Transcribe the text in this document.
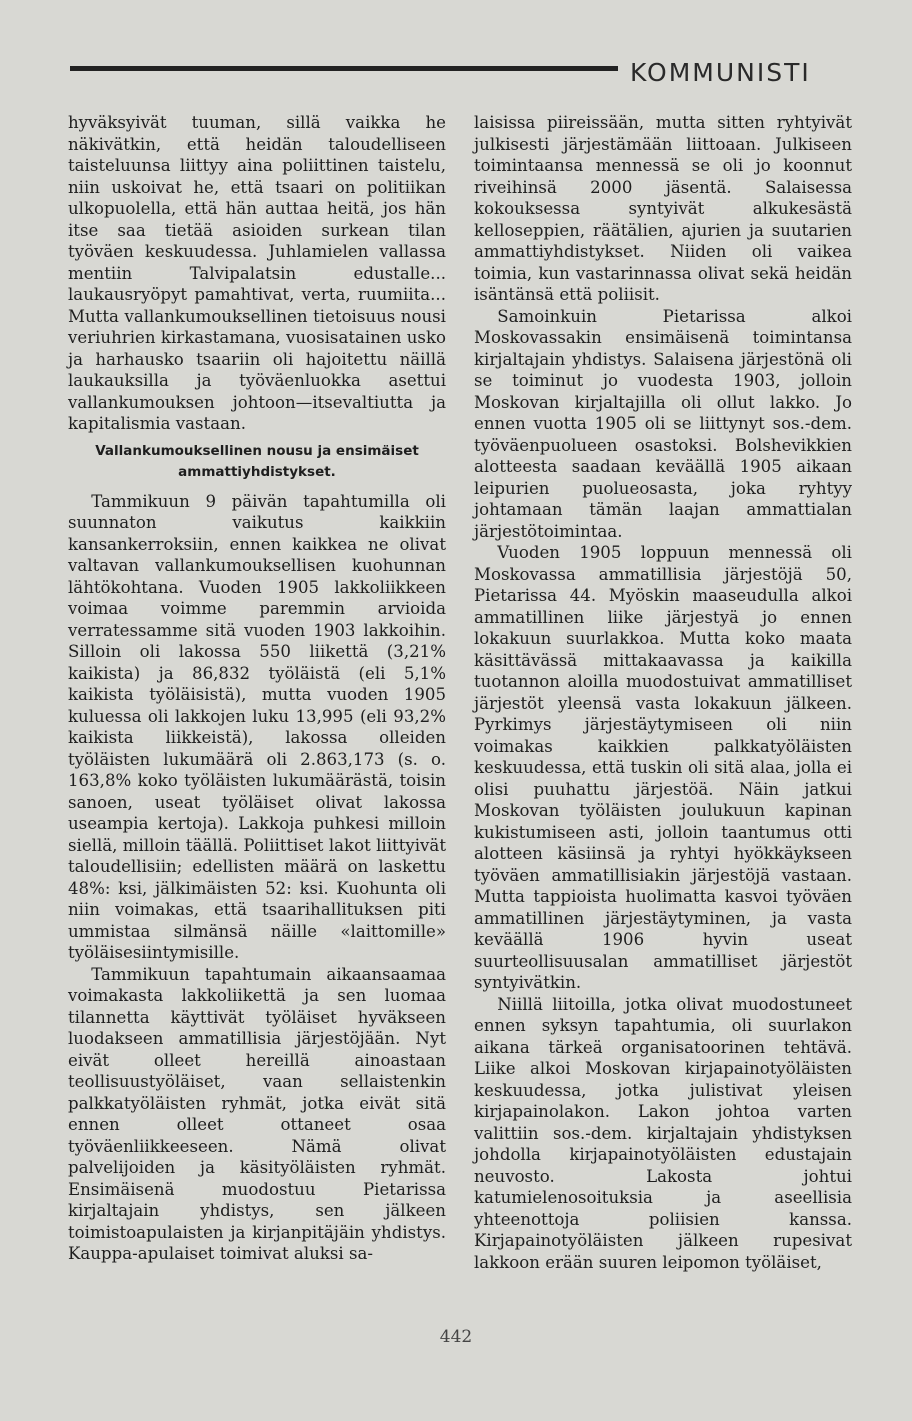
KOMMUNISTI

hyväksyivät tuuman, sillä vaikka he näkivätkin, että heidän taloudelliseen taisteluunsa liittyy aina poliittinen taistelu, niin uskoivat he, että tsaari on politiikan ulkopuolella, että hän auttaa heitä, jos hän itse saa tietää asioiden surkean tilan työväen keskuudessa. Juhlamielen vallassa mentiin Talvipalatsin edustalle... laukausryöpyt pamahtivat, verta, ruumiita... Mutta vallankumouksellinen tietoisuus nousi veriuhrien kirkastamana, vuosisatainen usko ja harhausko tsaariin oli hajoitettu näillä laukauksilla ja työväenluokka asettui vallankumouksen johtoon—itsevaltiutta ja kapitalismia vastaan.

Vallankumouksellinen nousu ja ensimäiset ammattiyhdistykset.

Tammikuun 9 päivän tapahtumilla oli suunnaton vaikutus kaikkiin kansankerroksiin, ennen kaikkea ne olivat valtavan vallankumouksellisen kuohunnan lähtökohtana. Vuoden 1905 lakkoliikkeen voimaa voimme paremmin arvioida verratessamme sitä vuoden 1903 lakkoihin. Silloin oli lakossa 550 liikettä (3,21% kaikista) ja 86,832 työläistä (eli 5,1% kaikista työläisistä), mutta vuoden 1905 kuluessa oli lakkojen luku 13,995 (eli 93,2% kaikista liikkeistä), lakossa olleiden työläisten lukumäärä oli 2.863,173 (s. o. 163,8% koko työläisten lukumäärästä, toisin sanoen, useat työläiset olivat lakossa useampia kertoja). Lakkoja puhkesi milloin siellä, milloin täällä. Poliittiset lakot liittyivät taloudellisiin; edellisten määrä on laskettu 48%: ksi, jälkimäisten 52: ksi. Kuohunta oli niin voimakas, että tsaarihallituksen piti ummistaa silmänsä näille «laittomille» työläisesiintymisille.

Tammikuun tapahtumain aikaansaamaa voimakasta lakkoliikettä ja sen luomaa tilannetta käyttivät työläiset hyväkseen luodakseen ammatillisia järjestöjään. Nyt eivät olleet hereillä ainoastaan teollisuustyöläiset, vaan sellaistenkin palkkatyöläisten ryhmät, jotka eivät sitä ennen olleet ottaneet osaa työväenliikkeeseen. Nämä olivat palvelijoiden ja käsityöläisten ryhmät. Ensimäisenä muodostuu Pietarissa kirjaltajain yhdistys, sen jälkeen toimistoapulaisten ja kirjanpitäjäin yhdistys. Kauppa-apulaiset toimivat aluksi sa-

laisissa piireissään, mutta sitten ryhtyivät julkisesti järjestämään liittoaan. Julkiseen toimintaansa mennessä se oli jo koonnut riveihinsä 2000 jäsentä. Salaisessa kokouksessa syntyivät alkukesästä kelloseppien, räätälien, ajurien ja suutarien ammattiyhdistykset. Niiden oli vaikea toimia, kun vastarinnassa olivat sekä heidän isäntänsä että poliisit.

Samoinkuin Pietarissa alkoi Moskovassakin ensimäisenä toimintansa kirjaltajain yhdistys. Salaisena järjestönä oli se toiminut jo vuodesta 1903, jolloin Moskovan kirjaltajilla oli ollut lakko. Jo ennen vuotta 1905 oli se liittynyt sos.-dem. työväenpuolueen osastoksi. Bolshevikkien alotteesta saadaan keväällä 1905 aikaan leipurien puolueosasta, joka ryhtyy johtamaan tämän laajan ammattialan järjestötoimintaa.

Vuoden 1905 loppuun mennessä oli Moskovassa ammatillisia järjestöjä 50, Pietarissa 44. Myöskin maaseudulla alkoi ammatillinen liike järjestyä jo ennen lokakuun suurlakkoa. Mutta koko maata käsittävässä mittakaavassa ja kaikilla tuotannon aloilla muodostuivat ammatilliset järjestöt yleensä vasta lokakuun jälkeen. Pyrkimys järjestäytymiseen oli niin voimakas kaikkien palkkatyöläisten keskuudessa, että tuskin oli sitä alaa, jolla ei olisi puuhattu järjestöä. Näin jatkui Moskovan työläisten joulukuun kapinan kukistumiseen asti, jolloin taantumus otti alotteen käsiinsä ja ryhtyi hyökkäykseen työväen ammatillisiakin järjestöjä vastaan. Mutta tappioista huolimatta kasvoi työväen ammatillinen järjestäytyminen, ja vasta keväällä 1906 hyvin useat suurteollisuusalan ammatilliset järjestöt syntyivätkin.

Niillä liitoilla, jotka olivat muodostuneet ennen syksyn tapahtumia, oli suurlakon aikana tärkeä organisatoorinen tehtävä. Liike alkoi Moskovan kirjapainotyöläisten keskuudessa, jotka julistivat yleisen kirjapainolakon. Lakon johtoa varten valittiin sos.-dem. kirjaltajain yhdistyksen johdolla kirjapainotyöläisten edustajain neuvosto. Lakosta johtui katumielenosoituksia ja aseellisia yhteenottoja poliisien kanssa. Kirjapainotyöläisten jälkeen rupesivat lakkoon erään suuren leipomon työläiset,

442
